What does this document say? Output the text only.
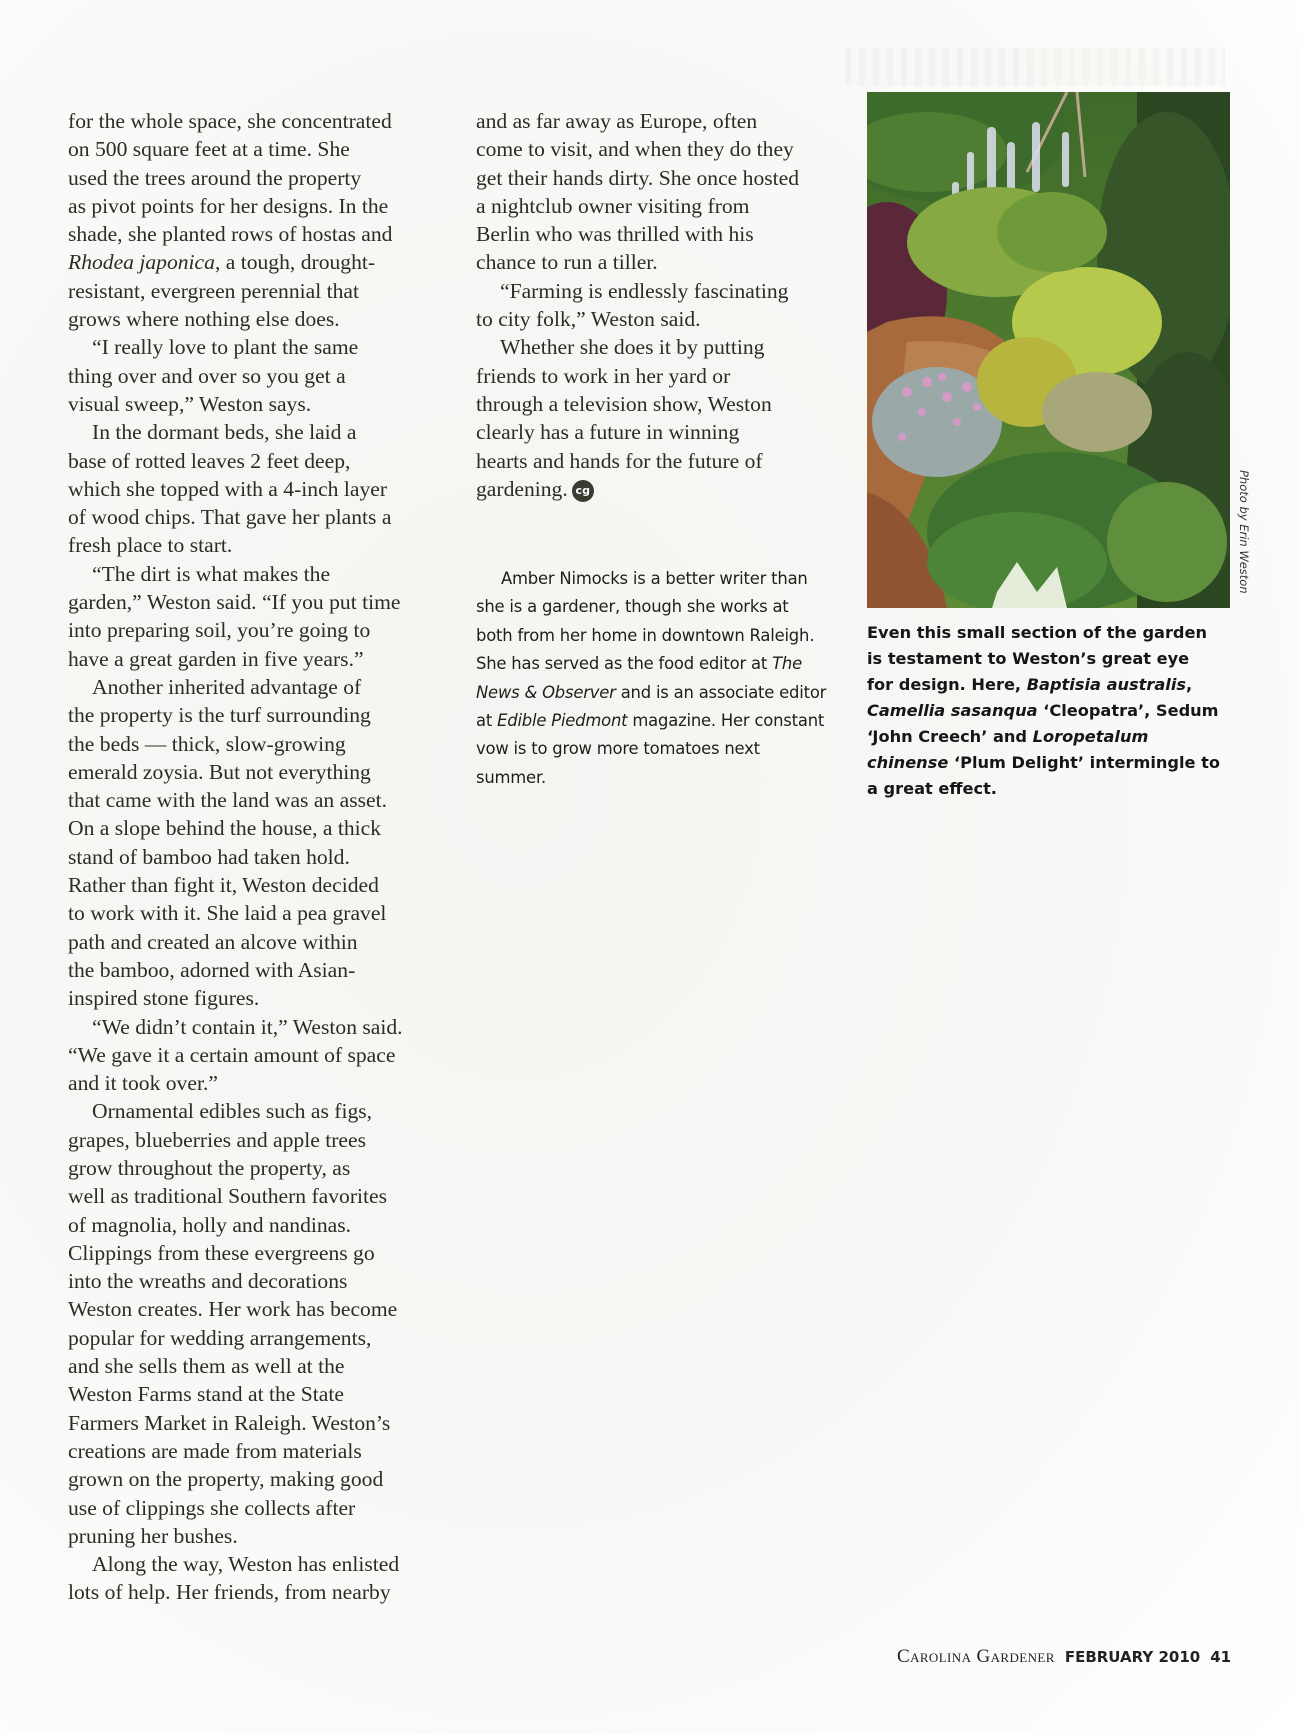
for the whole space, she concentrated
on 500 square feet at a time. She
used the trees around the property
as pivot points for her designs. In the
shade, she planted rows of hostas and
Rhodea japonica, a tough, drought-
resistant, evergreen perennial that
grows where nothing else does.
“I really love to plant the same
thing over and over so you get a
visual sweep,” Weston says.
In the dormant beds, she laid a
base of rotted leaves 2 feet deep,
which she topped with a 4-inch layer
of wood chips. That gave her plants a
fresh place to start.
“The dirt is what makes the
garden,” Weston said. “If you put time
into preparing soil, you’re going to
have a great garden in five years.”
Another inherited advantage of
the property is the turf surrounding
the beds — thick, slow-growing
emerald zoysia. But not everything
that came with the land was an asset.
On a slope behind the house, a thick
stand of bamboo had taken hold.
Rather than fight it, Weston decided
to work with it. She laid a pea gravel
path and created an alcove within
the bamboo, adorned with Asian-
inspired stone figures.
“We didn’t contain it,” Weston said.
“We gave it a certain amount of space
and it took over.”
Ornamental edibles such as figs,
grapes, blueberries and apple trees
grow throughout the property, as
well as traditional Southern favorites
of magnolia, holly and nandinas.
Clippings from these evergreens go
into the wreaths and decorations
Weston creates. Her work has become
popular for wedding arrangements,
and she sells them as well at the
Weston Farms stand at the State
Farmers Market in Raleigh. Weston’s
creations are made from materials
grown on the property, making good
use of clippings she collects after
pruning her bushes.
Along the way, Weston has enlisted
lots of help. Her friends, from nearby
and as far away as Europe, often
come to visit, and when they do they
get their hands dirty. She once hosted
a nightclub owner visiting from
Berlin who was thrilled with his
chance to run a tiller.
“Farming is endlessly fascinating
to city folk,” Weston said.
Whether she does it by putting
friends to work in her yard or
through a television show, Weston
clearly has a future in winning
hearts and hands for the future of
gardening. cg
Amber Nimocks is a better writer than
she is a gardener, though she works at
both from her home in downtown Raleigh.
She has served as the food editor at The
News & Observer and is an associate editor
at Edible Piedmont magazine. Her constant
vow is to grow more tomatoes next
summer.
Photo by Erin Weston
Even this small section of the garden
is testament to Weston’s great eye
for design. Here, Baptisia australis,
Camellia sasanqua ‘Cleopatra’, Sedum
‘John Creech’ and Loropetalum
chinense ‘Plum Delight’ intermingle to
a great effect.
Carolina Gardener FEBRUARY 2010 41
